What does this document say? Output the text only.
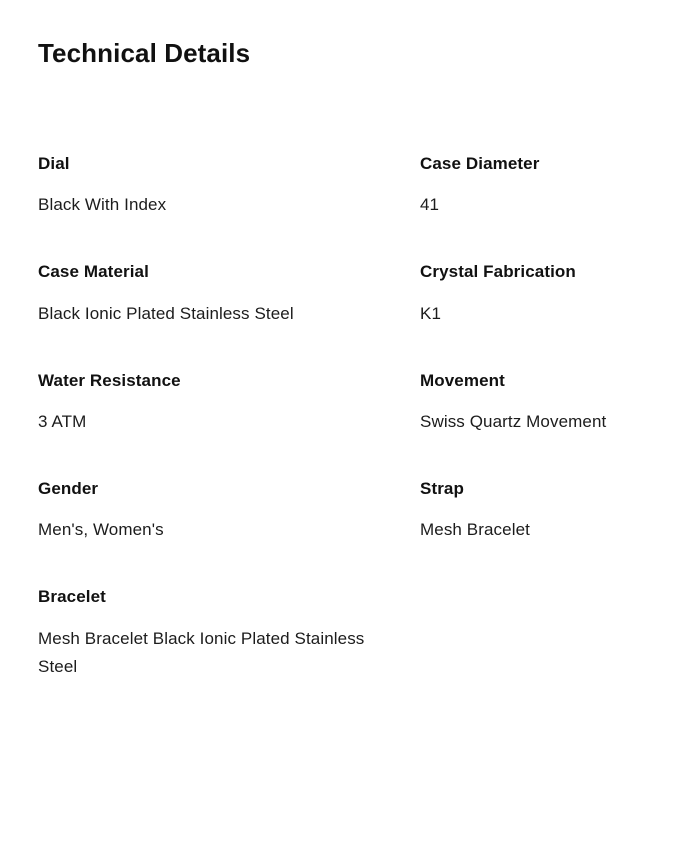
Technical Details
Dial
Black With Index
Case Diameter
41
Case Material
Black Ionic Plated Stainless Steel
Crystal Fabrication
K1
Water Resistance
3 ATM
Movement
Swiss Quartz Movement
Gender
Men's, Women's
Strap
Mesh Bracelet
Bracelet
Mesh Bracelet Black Ionic Plated Stainless Steel
